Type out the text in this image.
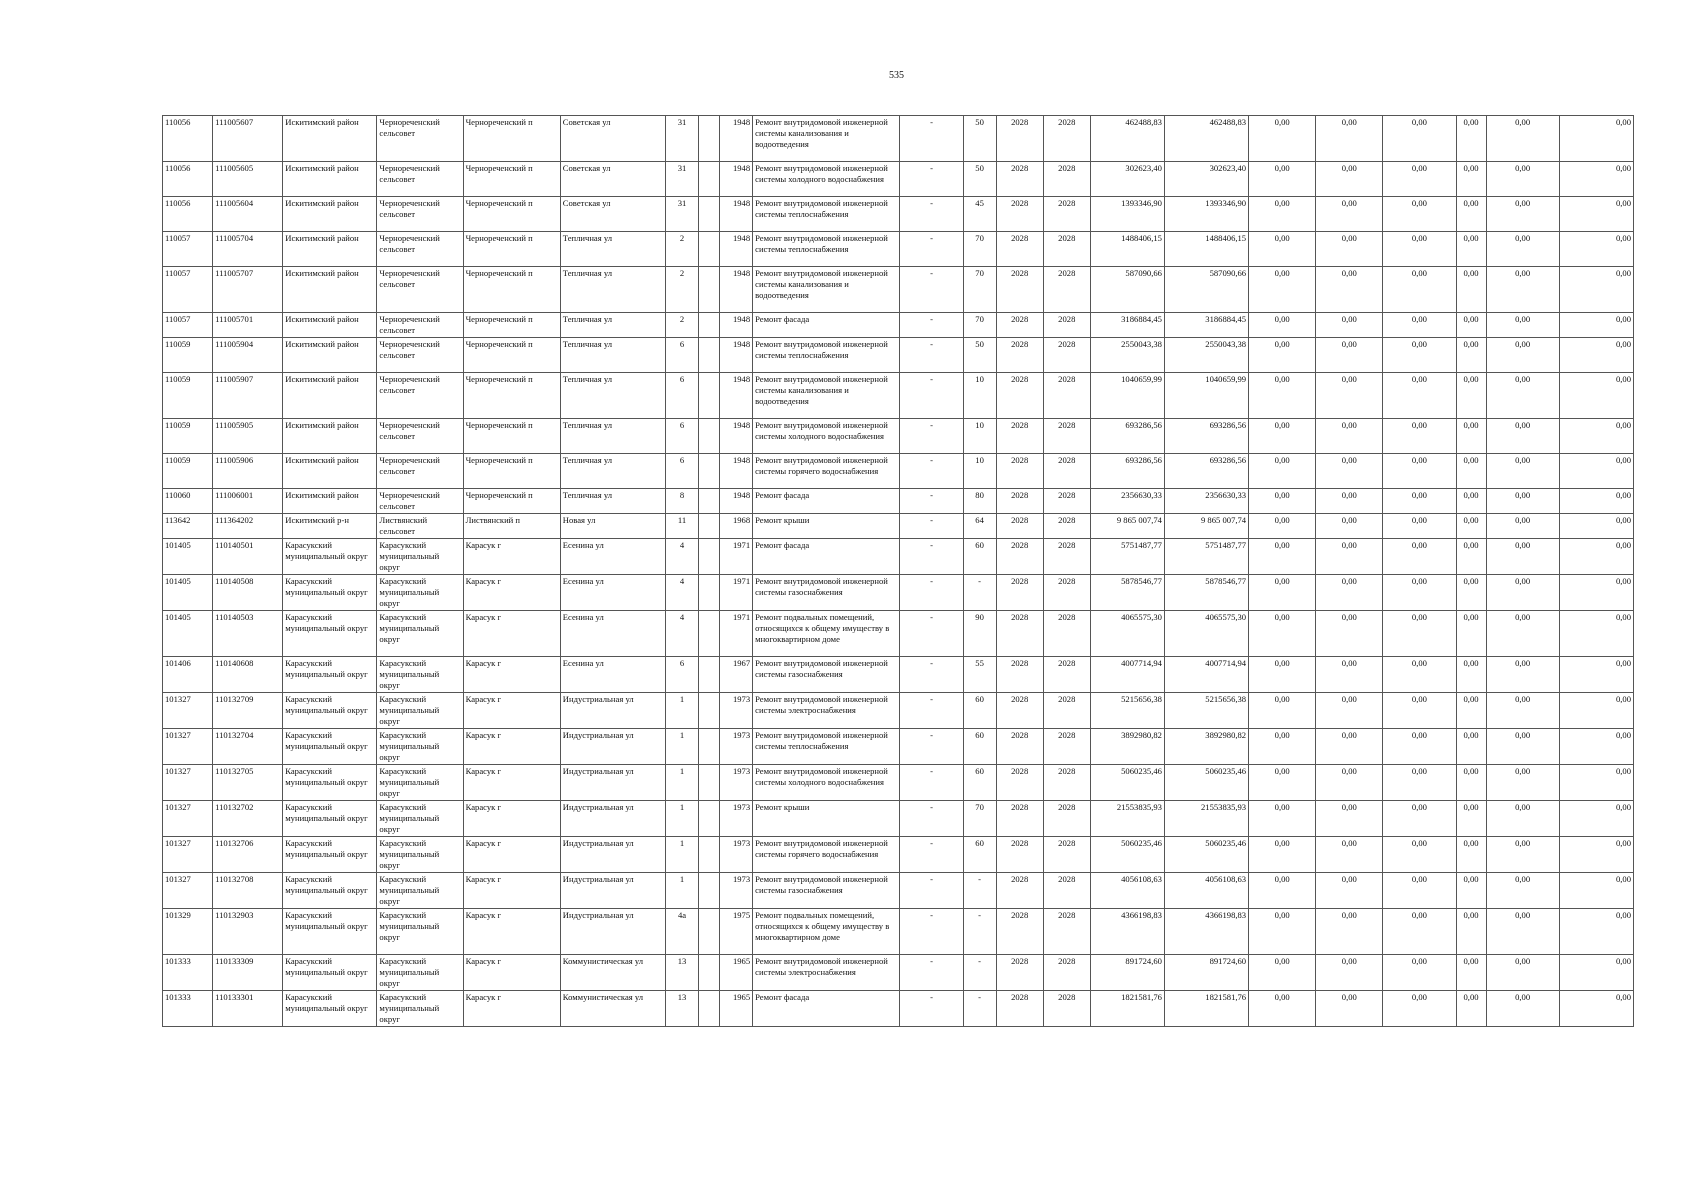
535
110056	111005607	Искитимский район	Чернореченский сельсовет	Чернореченский п	Советская ул	31		1948	Ремонт внутридомовой инженерной системы канализования и водоотведения	-	50	2028	2028	462488,83	462488,83	0,00	0,00	0,00	0,00	0,00	0,00
110056	111005605	Искитимский район	Чернореченский сельсовет	Чернореченский п	Советская ул	31		1948	Ремонт внутридомовой инженерной системы холодного водоснабжения	-	50	2028	2028	302623,40	302623,40	0,00	0,00	0,00	0,00	0,00	0,00
110056	111005604	Искитимский район	Чернореченский сельсовет	Чернореченский п	Советская ул	31		1948	Ремонт внутридомовой инженерной системы теплоснабжения	-	45	2028	2028	1393346,90	1393346,90	0,00	0,00	0,00	0,00	0,00	0,00
110057	111005704	Искитимский район	Чернореченский сельсовет	Чернореченский п	Тепличная ул	2		1948	Ремонт внутридомовой инженерной системы теплоснабжения	-	70	2028	2028	1488406,15	1488406,15	0,00	0,00	0,00	0,00	0,00	0,00
110057	111005707	Искитимский район	Чернореченский сельсовет	Чернореченский п	Тепличная ул	2		1948	Ремонт внутридомовой инженерной системы канализования и водоотведения	-	70	2028	2028	587090,66	587090,66	0,00	0,00	0,00	0,00	0,00	0,00
110057	111005701	Искитимский район	Чернореченский сельсовет	Чернореченский п	Тепличная ул	2		1948	Ремонт фасада	-	70	2028	2028	3186884,45	3186884,45	0,00	0,00	0,00	0,00	0,00	0,00
110059	111005904	Искитимский район	Чернореченский сельсовет	Чернореченский п	Тепличная ул	6		1948	Ремонт внутридомовой инженерной системы теплоснабжения	-	50	2028	2028	2550043,38	2550043,38	0,00	0,00	0,00	0,00	0,00	0,00
110059	111005907	Искитимский район	Чернореченский сельсовет	Чернореченский п	Тепличная ул	6		1948	Ремонт внутридомовой инженерной системы канализования и водоотведения	-	10	2028	2028	1040659,99	1040659,99	0,00	0,00	0,00	0,00	0,00	0,00
110059	111005905	Искитимский район	Чернореченский сельсовет	Чернореченский п	Тепличная ул	6		1948	Ремонт внутридомовой инженерной системы холодного водоснабжения	-	10	2028	2028	693286,56	693286,56	0,00	0,00	0,00	0,00	0,00	0,00
110059	111005906	Искитимский район	Чернореченский сельсовет	Чернореченский п	Тепличная ул	6		1948	Ремонт внутридомовой инженерной системы горячего водоснабжения	-	10	2028	2028	693286,56	693286,56	0,00	0,00	0,00	0,00	0,00	0,00
110060	111006001	Искитимский район	Чернореченский сельсовет	Чернореченский п	Тепличная ул	8		1948	Ремонт фасада	-	80	2028	2028	2356630,33	2356630,33	0,00	0,00	0,00	0,00	0,00	0,00
113642	111364202	Искитимский р-н	Листвянский сельсовет	Листвянский п	Новая ул	11		1968	Ремонт крыши	-	64	2028	2028	9 865 007,74	9 865 007,74	0,00	0,00	0,00	0,00	0,00	0,00
101405	110140501	Карасукский муниципальный округ	Карасукский муниципальный округ	Карасук г	Есенина ул	4		1971	Ремонт фасада	-	60	2028	2028	5751487,77	5751487,77	0,00	0,00	0,00	0,00	0,00	0,00
101405	110140508	Карасукский муниципальный округ	Карасукский муниципальный округ	Карасук г	Есенина ул	4		1971	Ремонт внутридомовой инженерной системы газоснабжения	-	-	2028	2028	5878546,77	5878546,77	0,00	0,00	0,00	0,00	0,00	0,00
101405	110140503	Карасукский муниципальный округ	Карасукский муниципальный округ	Карасук г	Есенина ул	4		1971	Ремонт подвальных помещений, относящихся к общему имуществу в многоквартирном доме	-	90	2028	2028	4065575,30	4065575,30	0,00	0,00	0,00	0,00	0,00	0,00
101406	110140608	Карасукский муниципальный округ	Карасукский муниципальный округ	Карасук г	Есенина ул	6		1967	Ремонт внутридомовой инженерной системы газоснабжения	-	55	2028	2028	4007714,94	4007714,94	0,00	0,00	0,00	0,00	0,00	0,00
101327	110132709	Карасукский муниципальный округ	Карасукский муниципальный округ	Карасук г	Индустриальная ул	1		1973	Ремонт внутридомовой инженерной системы электроснабжения	-	60	2028	2028	5215656,38	5215656,38	0,00	0,00	0,00	0,00	0,00	0,00
101327	110132704	Карасукский муниципальный округ	Карасукский муниципальный округ	Карасук г	Индустриальная ул	1		1973	Ремонт внутридомовой инженерной системы теплоснабжения	-	60	2028	2028	3892980,82	3892980,82	0,00	0,00	0,00	0,00	0,00	0,00
101327	110132705	Карасукский муниципальный округ	Карасукский муниципальный округ	Карасук г	Индустриальная ул	1		1973	Ремонт внутридомовой инженерной системы холодного водоснабжения	-	60	2028	2028	5060235,46	5060235,46	0,00	0,00	0,00	0,00	0,00	0,00
101327	110132702	Карасукский муниципальный округ	Карасукский муниципальный округ	Карасук г	Индустриальная ул	1		1973	Ремонт крыши	-	70	2028	2028	21553835,93	21553835,93	0,00	0,00	0,00	0,00	0,00	0,00
101327	110132706	Карасукский муниципальный округ	Карасукский муниципальный округ	Карасук г	Индустриальная ул	1		1973	Ремонт внутридомовой инженерной системы горячего водоснабжения	-	60	2028	2028	5060235,46	5060235,46	0,00	0,00	0,00	0,00	0,00	0,00
101327	110132708	Карасукский муниципальный округ	Карасукский муниципальный округ	Карасук г	Индустриальная ул	1		1973	Ремонт внутридомовой инженерной системы газоснабжения	-	-	2028	2028	4056108,63	4056108,63	0,00	0,00	0,00	0,00	0,00	0,00
101329	110132903	Карасукский муниципальный округ	Карасукский муниципальный округ	Карасук г	Индустриальная ул	4а		1975	Ремонт подвальных помещений, относящихся к общему имуществу в многоквартирном доме	-	-	2028	2028	4366198,83	4366198,83	0,00	0,00	0,00	0,00	0,00	0,00
101333	110133309	Карасукский муниципальный округ	Карасукский муниципальный округ	Карасук г	Коммунистическая ул	13		1965	Ремонт внутридомовой инженерной системы электроснабжения	-	-	2028	2028	891724,60	891724,60	0,00	0,00	0,00	0,00	0,00	0,00
101333	110133301	Карасукский муниципальный округ	Карасукский муниципальный округ	Карасук г	Коммунистическая ул	13		1965	Ремонт фасада	-	-	2028	2028	1821581,76	1821581,76	0,00	0,00	0,00	0,00	0,00	0,00
